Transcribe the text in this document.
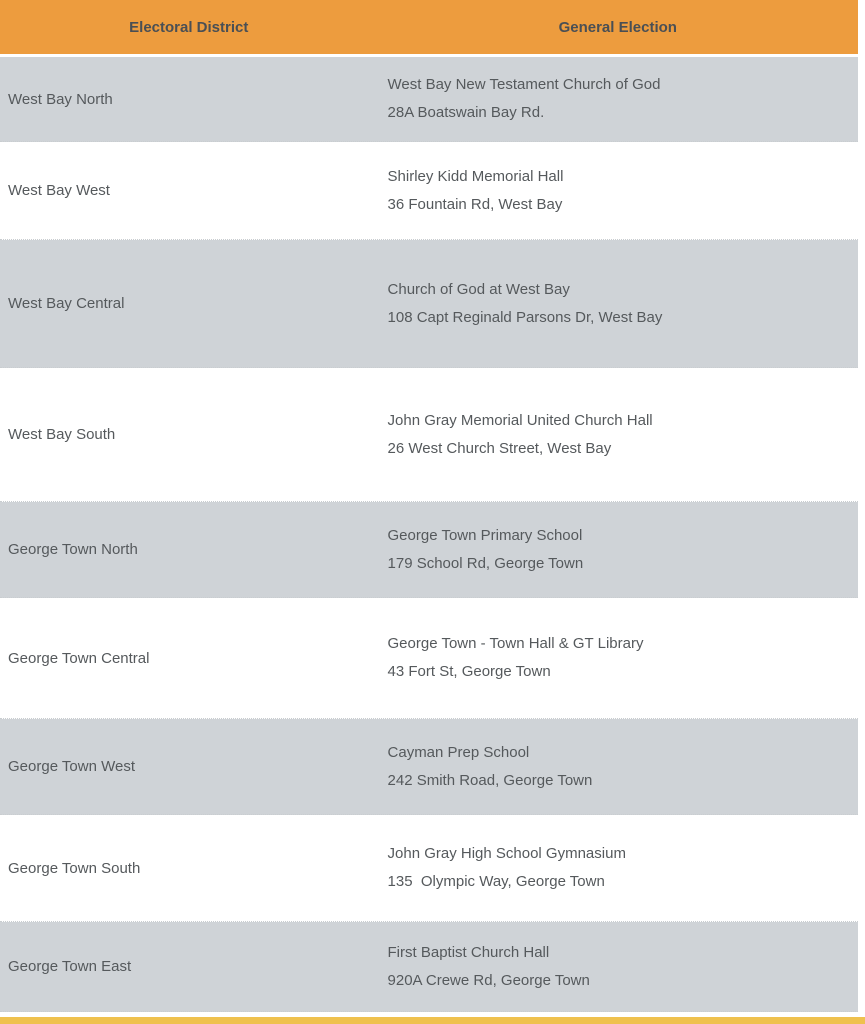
Electoral District	General Election
West Bay North
West Bay New Testament Church of God
28A Boatswain Bay Rd.
West Bay West
Shirley Kidd Memorial Hall
36 Fountain Rd, West Bay
West Bay Central
Church of God at West Bay
108 Capt Reginald Parsons Dr, West Bay
West Bay South
John Gray Memorial United Church Hall
26 West Church Street, West Bay
George Town North
George Town Primary School
179 School Rd, George Town
George Town Central
George Town - Town Hall & GT Library
43 Fort St, George Town
George Town West
Cayman Prep School
242 Smith Road, George Town
George Town South
John Gray High School Gymnasium
135  Olympic Way, George Town
George Town East
First Baptist Church Hall
920A Crewe Rd, George Town
